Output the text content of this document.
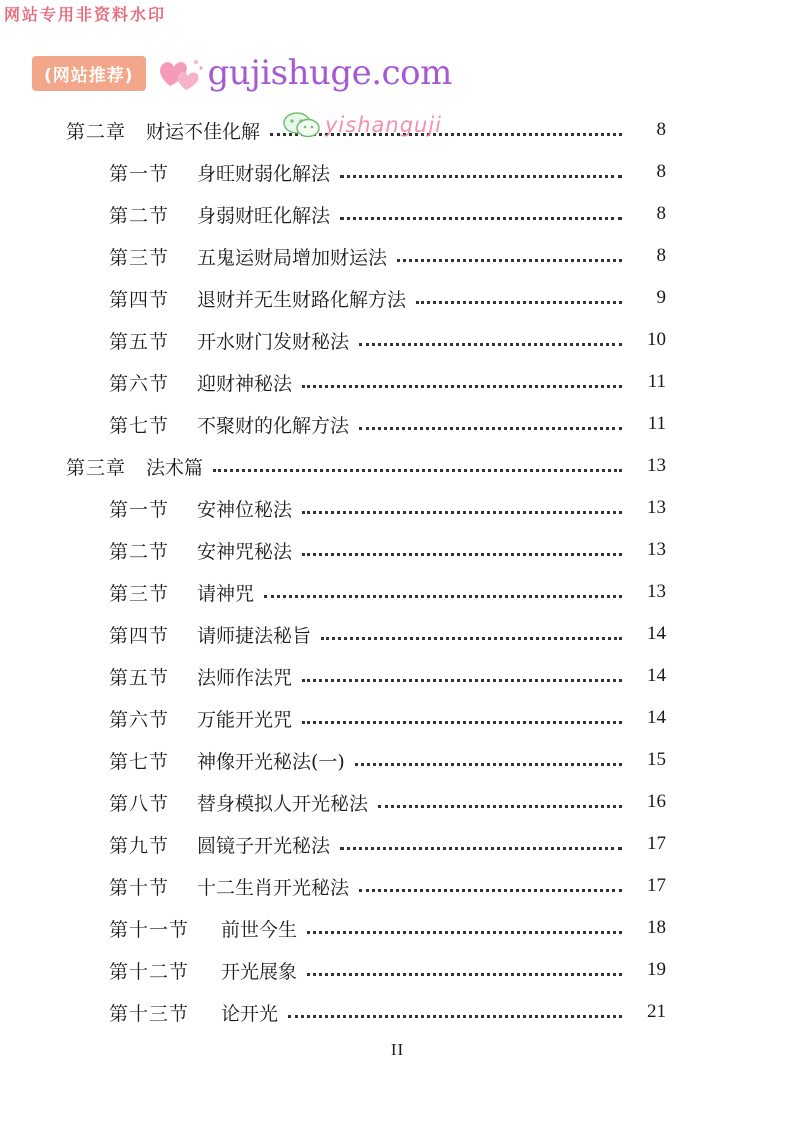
网站专用非资料水印
(网站推荐)	gujishuge.com
第二章	财运不佳化解	8
第一节	身旺财弱化解法	8
第二节	身弱财旺化解法	8
第三节	五鬼运财局增加财运法	8
第四节	退财并无生财路化解方法	9
第五节	开水财门发财秘法	10
第六节	迎财神秘法	11
第七节	不聚财的化解方法	11
第三章	法术篇	13
第一节	安神位秘法	13
第二节	安神咒秘法	13
第三节	请神咒	13
第四节	请师捷法秘旨	14
第五节	法师作法咒	14
第六节	万能开光咒	14
第七节	神像开光秘法(一)	15
第八节	替身模拟人开光秘法	16
第九节	圆镜子开光秘法	17
第十节	十二生肖开光秘法	17
第十一节	前世今生	18
第十二节	开光展象	19
第十三节	论开光	21
yishanguji
II
